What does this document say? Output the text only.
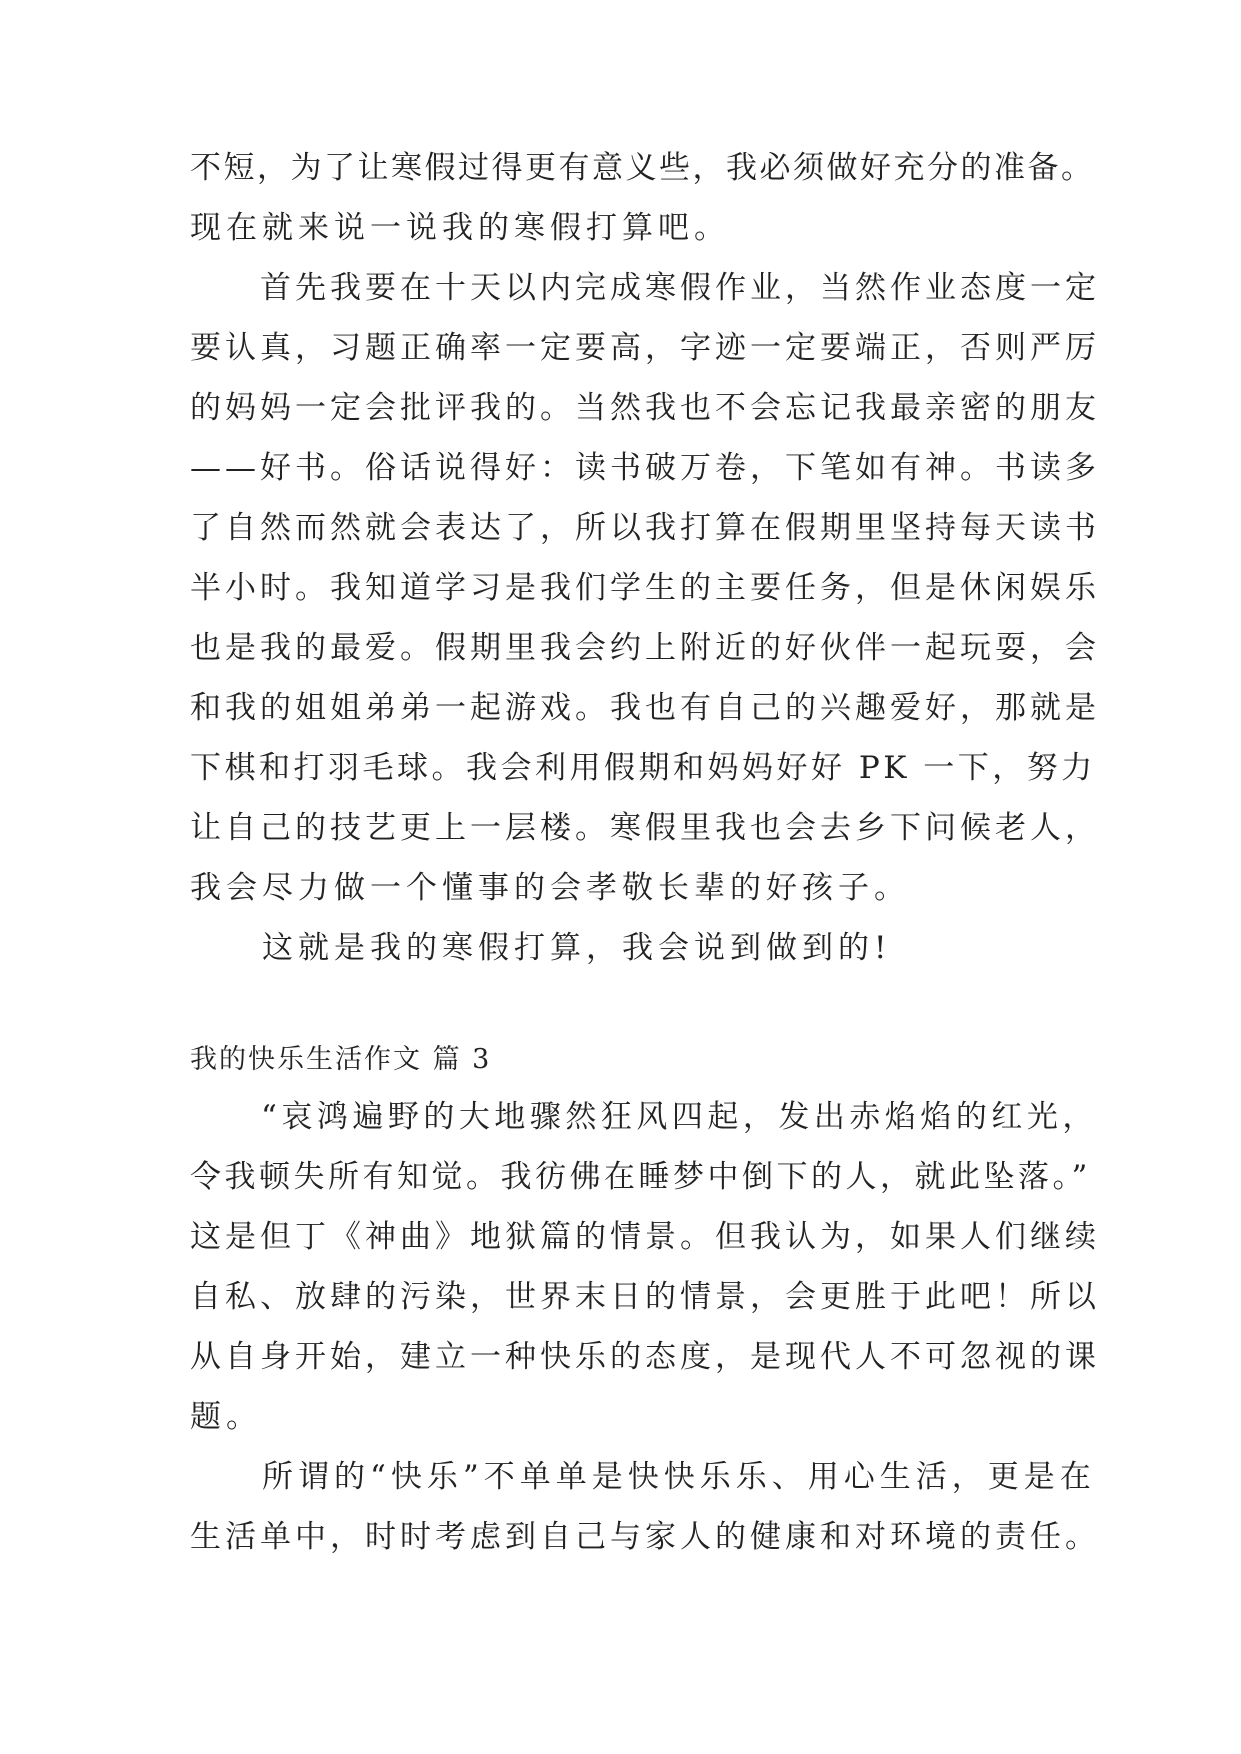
不短，为了让寒假过得更有意义些，我必须做好充分的准备。
现在就来说一说我的寒假打算吧。
　　首先我要在十天以内完成寒假作业，当然作业态度一定
要认真，习题正确率一定要高，字迹一定要端正，否则严厉
的妈妈一定会批评我的。当然我也不会忘记我最亲密的朋友
——好书。俗话说得好：读书破万卷，下笔如有神。书读多
了自然而然就会表达了，所以我打算在假期里坚持每天读书
半小时。我知道学习是我们学生的主要任务，但是休闲娱乐
也是我的最爱。假期里我会约上附近的好伙伴一起玩耍，会
和我的姐姐弟弟一起游戏。我也有自己的兴趣爱好，那就是
下棋和打羽毛球。我会利用假期和妈妈好好 PK 一下，努力
让自己的技艺更上一层楼。寒假里我也会去乡下问候老人，
我会尽力做一个懂事的会孝敬长辈的好孩子。
　　这就是我的寒假打算，我会说到做到的!
我的快乐生活作文 篇 3
　　“哀鸿遍野的大地骤然狂风四起，发出赤焰焰的红光，
令我顿失所有知觉。我彷佛在睡梦中倒下的人，就此坠落。”
这是但丁《神曲》地狱篇的情景。但我认为，如果人们继续
自私、放肆的污染，世界末日的情景，会更胜于此吧！所以
从自身开始，建立一种快乐的态度，是现代人不可忽视的课
题。
　　所谓的“快乐”不单单是快快乐乐、用心生活，更是在
生活单中，时时考虑到自己与家人的健康和对环境的责任。
